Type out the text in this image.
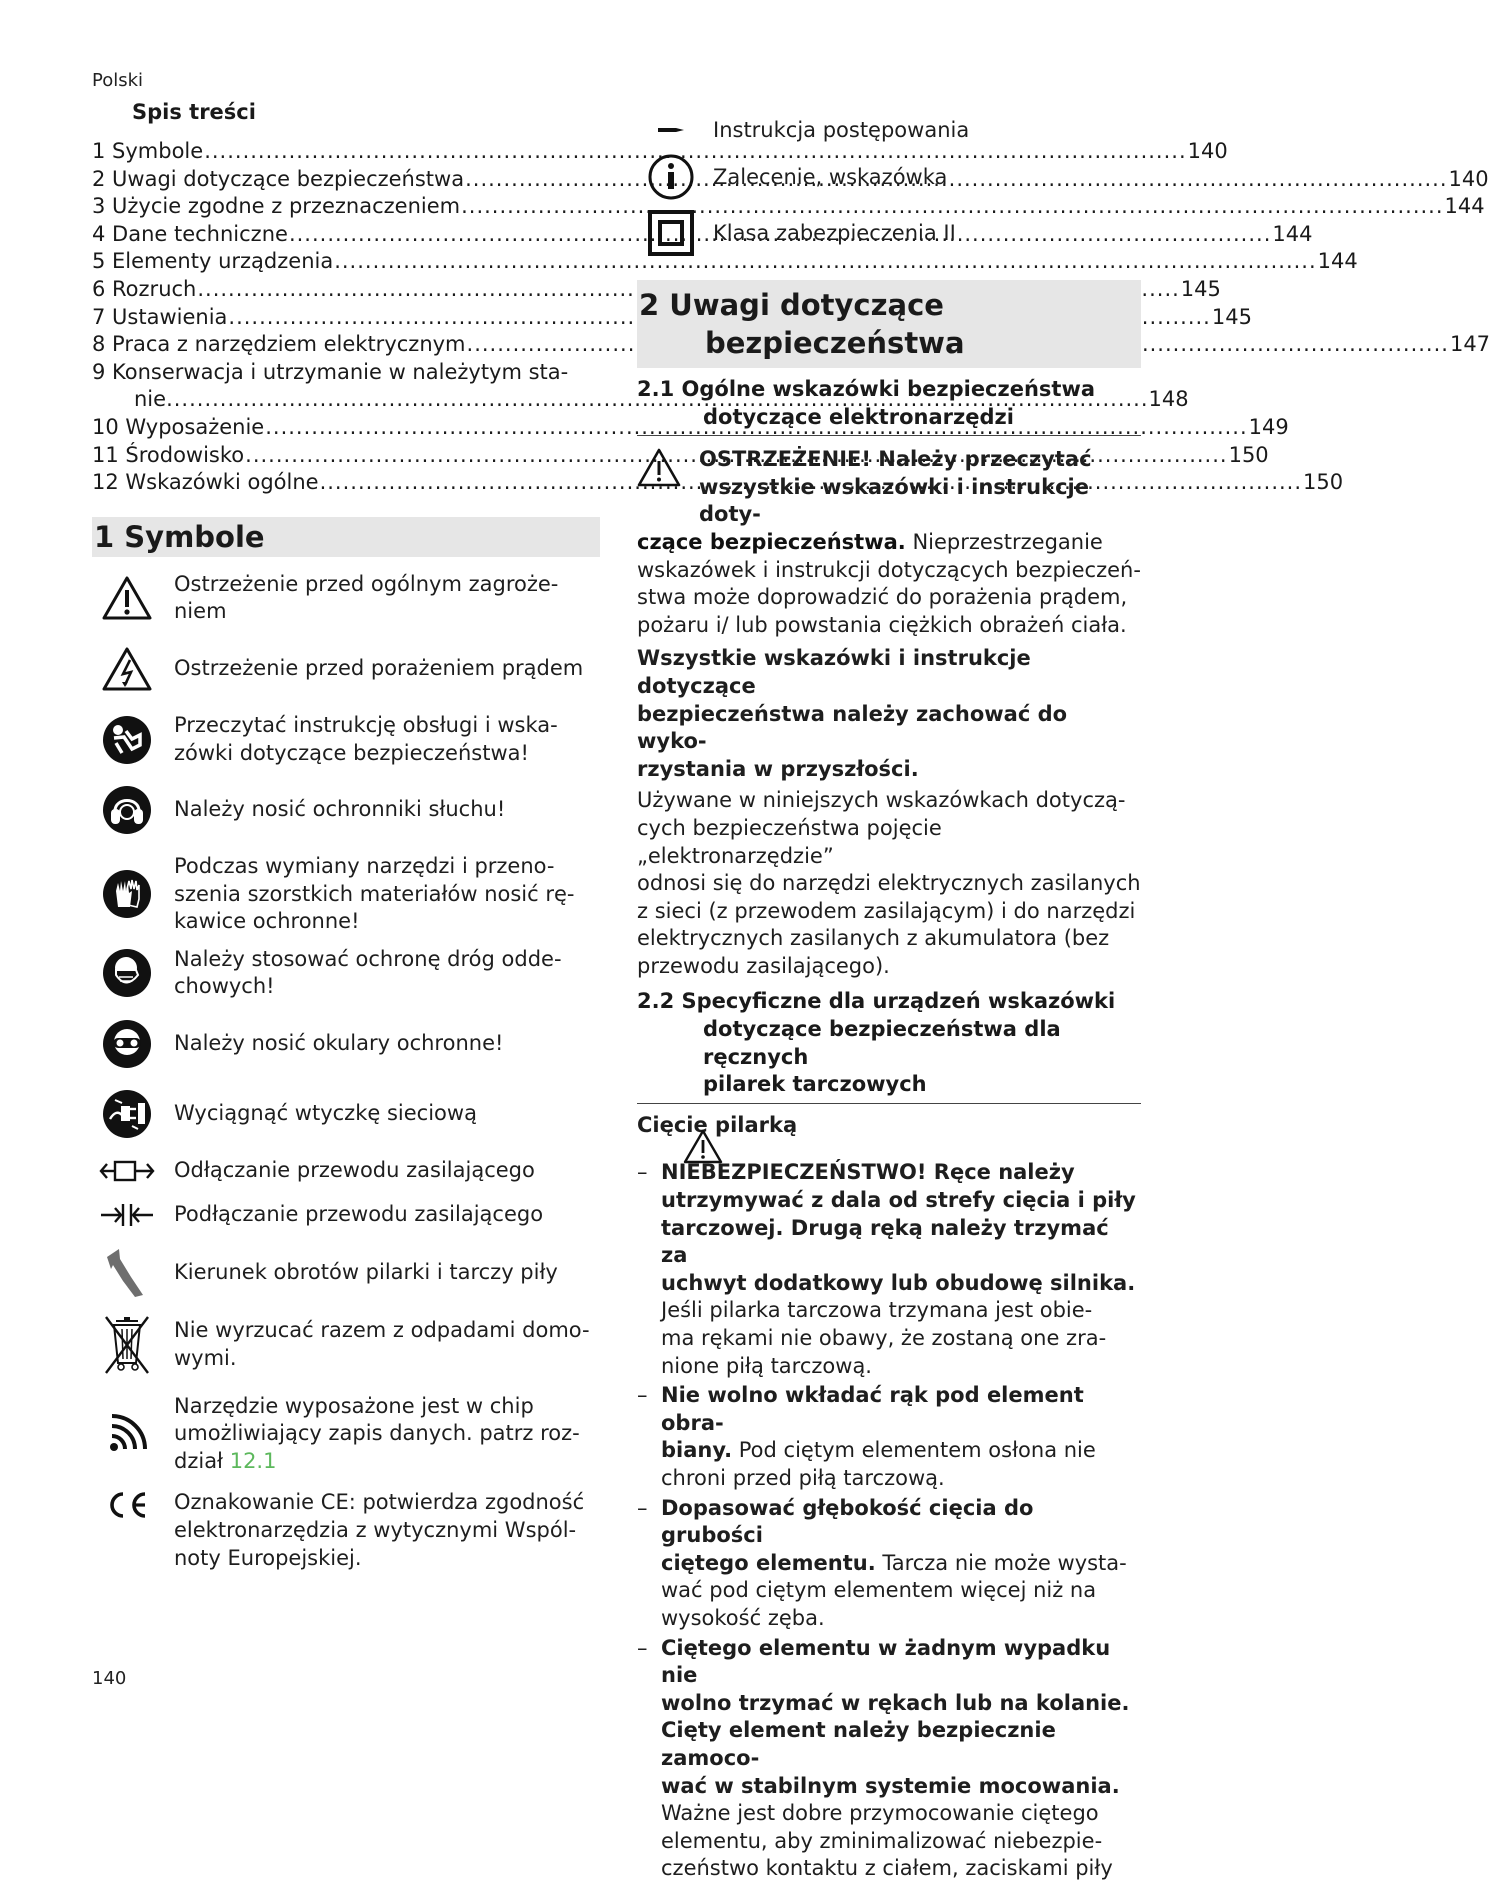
Polski
Spis treści
1 Symbole .....	140
2 Uwagi dotyczące bezpieczeństwa .....	140
3 Użycie zgodne z przeznaczeniem .....	144
4 Dane techniczne .....	144
5 Elementy urządzenia .....	144
6 Rozruch .....	145
7 Ustawienia .....	145
8 Praca z narzędziem elektrycznym .....	147
9 Konserwacja i utrzymanie w należytym sta-
nie .....	148
10 Wyposażenie .....	149
11 Środowisko .....	150
12 Wskazówki ogólne .....	150
1 Symbole
Ostrzeżenie przed ogólnym zagroże-
niem
Ostrzeżenie przed porażeniem prądem
Przeczytać instrukcję obsługi i wska-
zówki dotyczące bezpieczeństwa!
Należy nosić ochronniki słuchu!
Podczas wymiany narzędzi i przeno-
szenia szorstkich materiałów nosić rę-
kawice ochronne!
Należy stosować ochronę dróg odde-
chowych!
Należy nosić okulary ochronne!
Wyciągnąć wtyczkę sieciową
Odłączanie przewodu zasilającego
Podłączanie przewodu zasilającego
Kierunek obrotów pilarki i tarczy piły
Nie wyrzucać razem z odpadami domo-
wymi.
Narzędzie wyposażone jest w chip
umożliwiający zapis danych. patrz roz-
dział 12.1
Oznakowanie CE: potwierdza zgodność
elektronarzędzia z wytycznymi Wspól-
noty Europejskiej.
Instrukcja postępowania
Zalecenie, wskazówka
Klasa zabezpieczenia II
2 Uwagi dotyczące
bezpieczeństwa
2.1 Ogólne wskazówki bezpieczeństwa
dotyczące elektronarzędzi
OSTRZEŻENIE! Należy przeczytać
wszystkie wskazówki i instrukcje doty-
czące bezpieczeństwa. Nieprzestrzeganie
wskazówek i instrukcji dotyczących bezpieczeń-
stwa może doprowadzić do porażenia prądem,
pożaru i/ lub powstania ciężkich obrażeń ciała.
Wszystkie wskazówki i instrukcje dotyczące
bezpieczeństwa należy zachować do wyko-
rzystania w przyszłości.
Używane w niniejszych wskazówkach dotyczą-
cych bezpieczeństwa pojęcie „elektronarzędzie”
odnosi się do narzędzi elektrycznych zasilanych
z sieci (z przewodem zasilającym) i do narzędzi
elektrycznych zasilanych z akumulatora (bez
przewodu zasilającego).
2.2 Specyficzne dla urządzeń wskazówki
dotyczące bezpieczeństwa dla ręcznych
pilarek tarczowych
Cięcie pilarką
– NIEBEZPIECZEŃSTWO! Ręce należy
utrzymywać z dala od strefy cięcia i piły
tarczowej. Drugą ręką należy trzymać za
uchwyt dodatkowy lub obudowę silnika.
Jeśli pilarka tarczowa trzymana jest obie-
ma rękami nie obawy, że zostaną one zra-
nione piłą tarczową.
– Nie wolno wkładać rąk pod element obra-
biany. Pod ciętym elementem osłona nie
chroni przed piłą tarczową.
– Dopasować głębokość cięcia do grubości
ciętego elementu. Tarcza nie może wysta-
wać pod ciętym elementem więcej niż na
wysokość zęba.
– Ciętego elementu w żadnym wypadku nie
wolno trzymać w rękach lub na kolanie.
Cięty element należy bezpiecznie zamoco-
wać w stabilnym systemie mocowania.
Ważne jest dobre przymocowanie ciętego
elementu, aby zminimalizować niebezpie-
czeństwo kontaktu z ciałem, zaciskami piły
140
